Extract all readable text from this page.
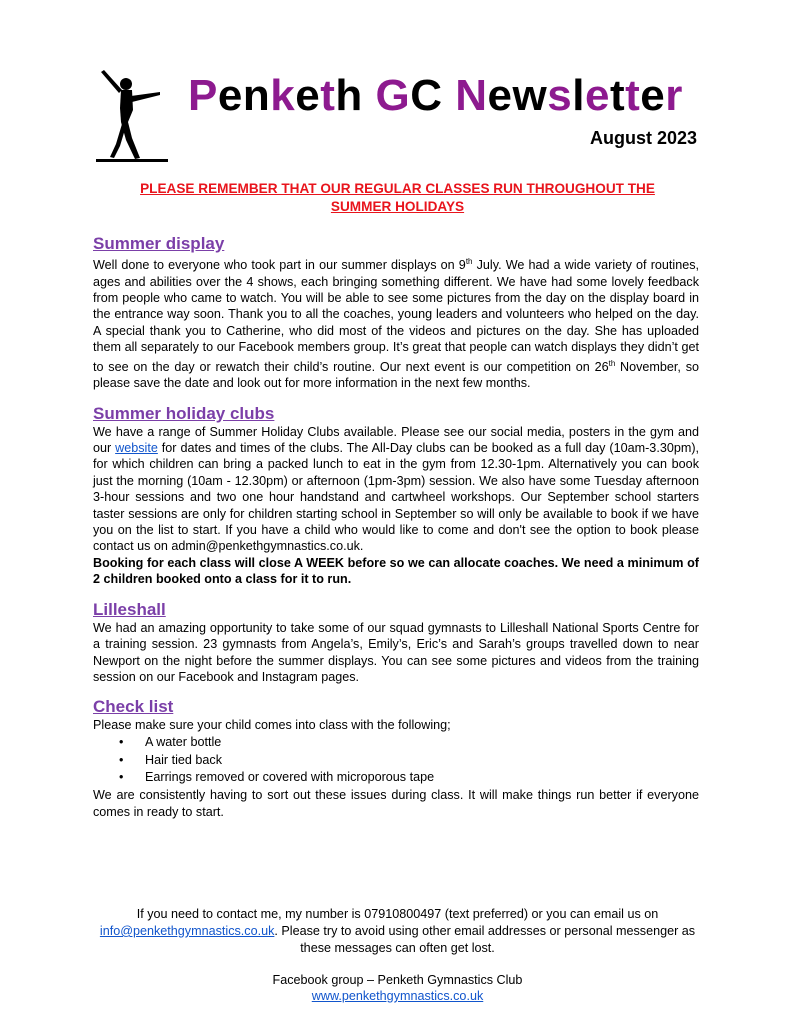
Penketh GC Newsletter
August 2023
PLEASE REMEMBER THAT OUR REGULAR CLASSES RUN THROUGHOUT THE
SUMMER HOLIDAYS
Summer display

Well done to everyone who took part in our summer displays on 9th July. We had a wide variety of routines, ages and abilities over the 4 shows, each bringing something different. We have had some lovely feedback from people who came to watch. You will be able to see some pictures from the day on the display board in the entrance way soon. Thank you to all the coaches, young leaders and volunteers who helped on the day. A special thank you to Catherine, who did most of the videos and pictures on the day. She has uploaded them all separately to our Facebook members group. It’s great that people can watch displays they didn’t get to see on the day or rewatch their child’s routine. Our next event is our competition on 26th November, so please save the date and look out for more information in the next few months.

Summer holiday clubs

We have a range of Summer Holiday Clubs available. Please see our social media, posters in the gym and our website for dates and times of the clubs. The All-Day clubs can be booked as a full day (10am-3.30pm), for which children can bring a packed lunch to eat in the gym from 12.30-1pm. Alternatively you can book just the morning (10am - 12.30pm) or afternoon (1pm-3pm) session. We also have some Tuesday afternoon 3-hour sessions and two one hour handstand and cartwheel workshops. Our September school starters taster sessions are only for children starting school in September so will only be available to book if we have you on the list to start. If you have a child who would like to come and don't see the option to book please contact us on admin@penkethgymnastics.co.uk.

Booking for each class will close A WEEK before so we can allocate coaches. We need a minimum of 2 children booked onto a class for it to run.

Lilleshall

We had an amazing opportunity to take some of our squad gymnasts to Lilleshall National Sports Centre for a training session. 23 gymnasts from Angela’s, Emily’s, Eric’s and Sarah’s groups travelled down to near Newport on the night before the summer displays. You can see some pictures and videos from the training session on our Facebook and Instagram pages.

Check list

Please make sure your child comes into class with the following;

• A water bottle
• Hair tied back
• Earrings removed or covered with microporous tape

We are consistently having to sort out these issues during class. It will make things run better if everyone comes in ready to start.

If you need to contact me, my number is 07910800497 (text preferred) or you can email us on
info@penkethgymnastics.co.uk. Please try to avoid using other email addresses or personal messenger as these messages can often get lost.
Facebook group – Penketh Gymnastics Club
www.penkethgymnastics.co.uk
